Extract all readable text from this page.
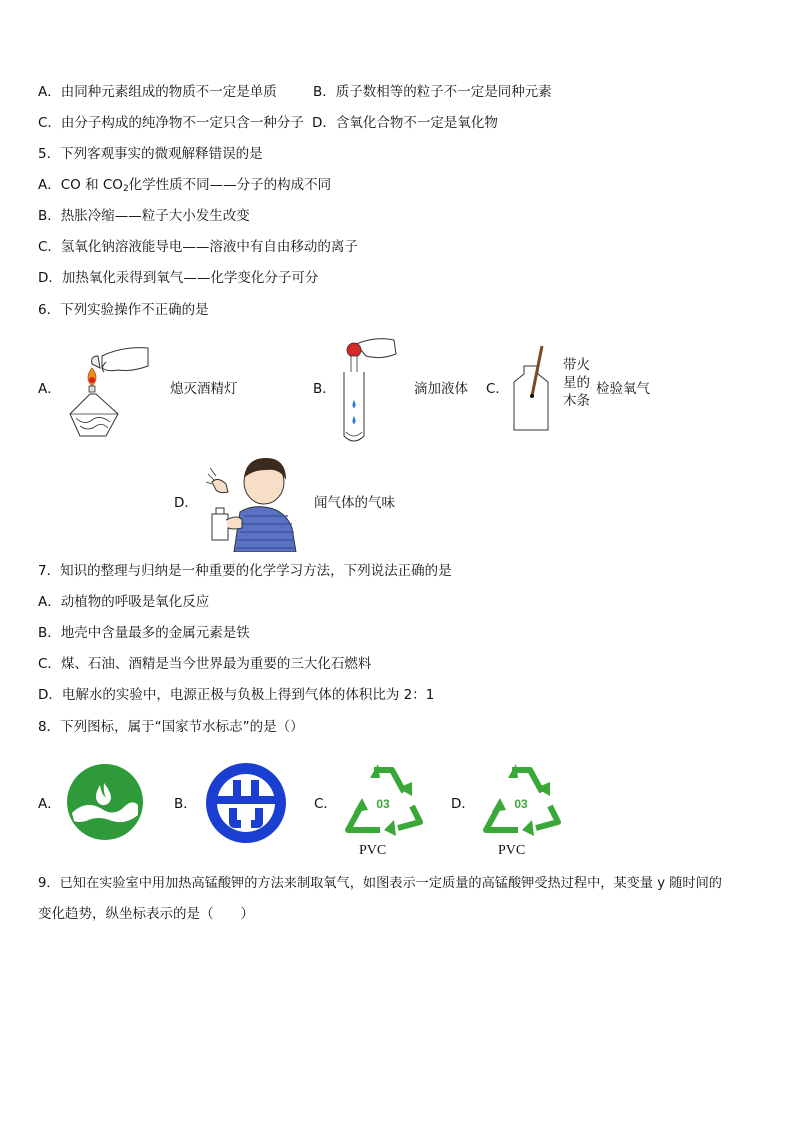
A．由同种元素组成的物质不一定是单质	B．质子数相等的粒子不一定是同种元素
C．由分子构成的纯净物不一定只含一种分子 D．含氧化合物不一定是氧化物
5．下列客观事实的微观解释错误的是
A．CO 和 $CO_2$化学性质不同——分子的构成不同
B．热胀冷缩——粒子大小发生改变
C．氢氧化钠溶液能导电——溶液中有自由移动的离子
D．加热氧化汞得到氧气——化学变化分子可分
6．下列实验操作不正确的是
A．	熄灭酒精灯	B．	滴加液体 C．
带火
星的
木条
检验氧气
D．	闻气体的气味
7．知识的整理与归纳是一种重要的化学学习方法，下列说法正确的是
A．动植物的呼吸是氧化反应
B．地壳中含量最多的金属元素是铁
C．煤、石油、酒精是当今世界最为重要的三大化石燃料
D．电解水的实验中，电源正极与负极上得到气体的体积比为 2：1
8．下列图标，属于“国家节水标志”的是（）
A．	B．	C．	03
PVC
D．	03
PVC
9．已知在实验室中用加热高锰酸钾的方法来制取氧气，如图表示一定质量的高锰酸钾受热过程中，某变量 y 随时间的
变化趋势，纵坐标表示的是（　　）
